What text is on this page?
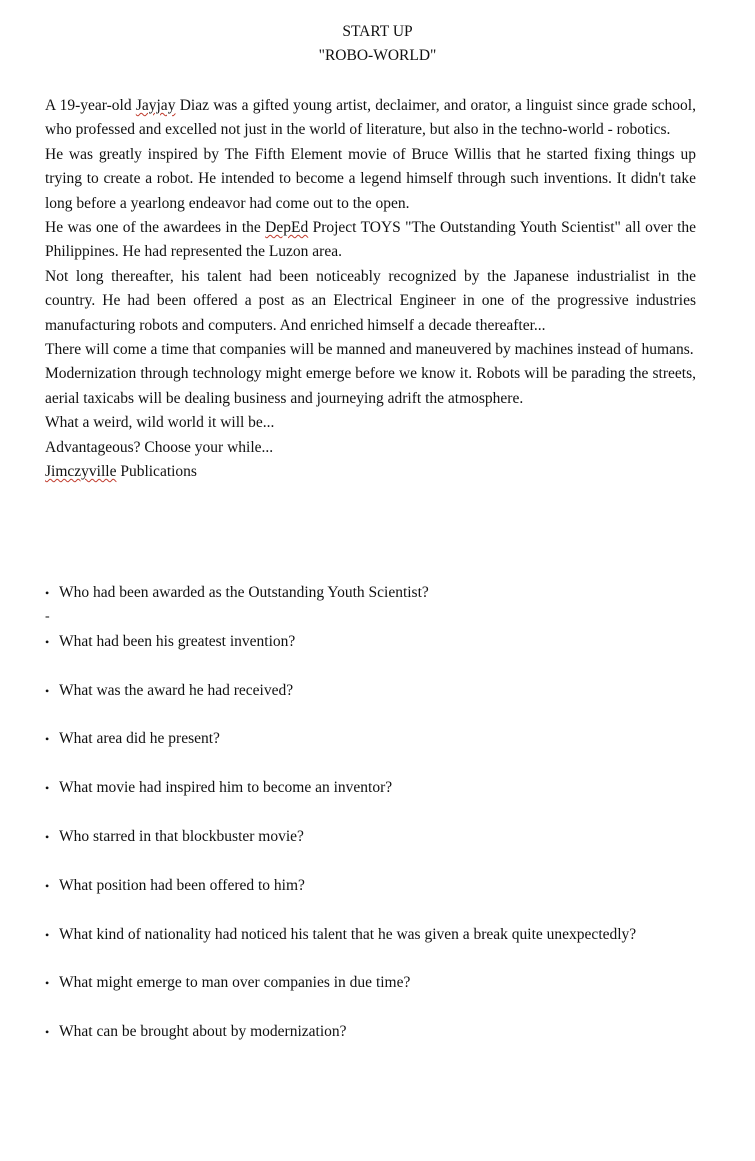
START UP

"ROBO-WORLD"

A 19-year-old Jayjay Diaz was a gifted young artist, declaimer, and orator, a linguist since grade school, who professed and excelled not just in the world of literature, but also in the techno-world - robotics.

He was greatly inspired by The Fifth Element movie of Bruce Willis that he started fixing things up trying to create a robot. He intended to become a legend himself through such inventions. It didn't take long before a yearlong endeavor had come out to the open.

He was one of the awardees in the DepEd Project TOYS "The Outstanding Youth Scientist" all over the Philippines. He had represented the Luzon area.

Not long thereafter, his talent had been noticeably recognized by the Japanese industrialist in the country. He had been offered a post as an Electrical Engineer in one of the progressive industries manufacturing robots and computers. And enriched himself a decade thereafter...

There will come a time that companies will be manned and maneuvered by machines instead of humans.

Modernization through technology might emerge before we know it. Robots will be parading the streets, aerial taxicabs will be dealing business and journeying adrift the atmosphere.

What a weird, wild world it will be...

Advantageous? Choose your while...

Jimczyville Publications

-
• Who had been awarded as the Outstanding Youth Scientist?
• What had been his greatest invention?
• What was the award he had received?
• What area did he present?
• What movie had inspired him to become an inventor?
• Who starred in that blockbuster movie?
• What position had been offered to him?
• What kind of nationality had noticed his talent that he was given a break quite unexpectedly?
• What might emerge to man over companies in due time?
• What can be brought about by modernization?
